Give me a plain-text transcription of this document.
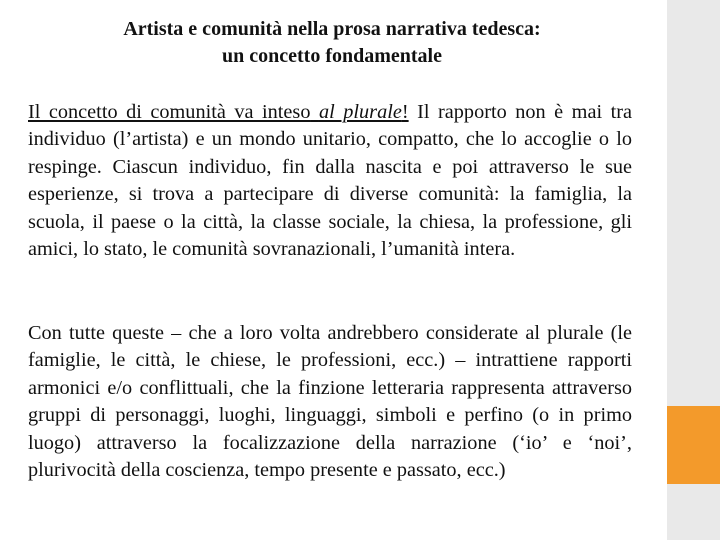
Artista e comunità nella prosa narrativa tedesca:
un concetto fondamentale
Il concetto di comunità va inteso al plurale! Il rapporto non è mai tra individuo (l’artista) e un mondo unitario, compatto, che lo accoglie o lo respinge. Ciascun individuo, fin dalla nascita e poi attraverso le sue esperienze, si trova a partecipare di diverse comunità: la famiglia, la scuola, il paese o la città, la classe sociale, la chiesa, la professione, gli amici, lo stato, le comunità sovranazionali, l’umanità intera.
Con tutte queste – che a loro volta andrebbero considerate al plurale (le famiglie, le città, le chiese, le professioni, ecc.) – intrattiene rapporti armonici e/o conflittuali, che la finzione letteraria rappresenta attraverso gruppi di personaggi, luoghi, linguaggi, simboli e perfino (o in primo luogo) attraverso la focalizzazione della narrazione (‘io’ e ‘noi’, plurivocità della coscienza, tempo presente e passato, ecc.)
